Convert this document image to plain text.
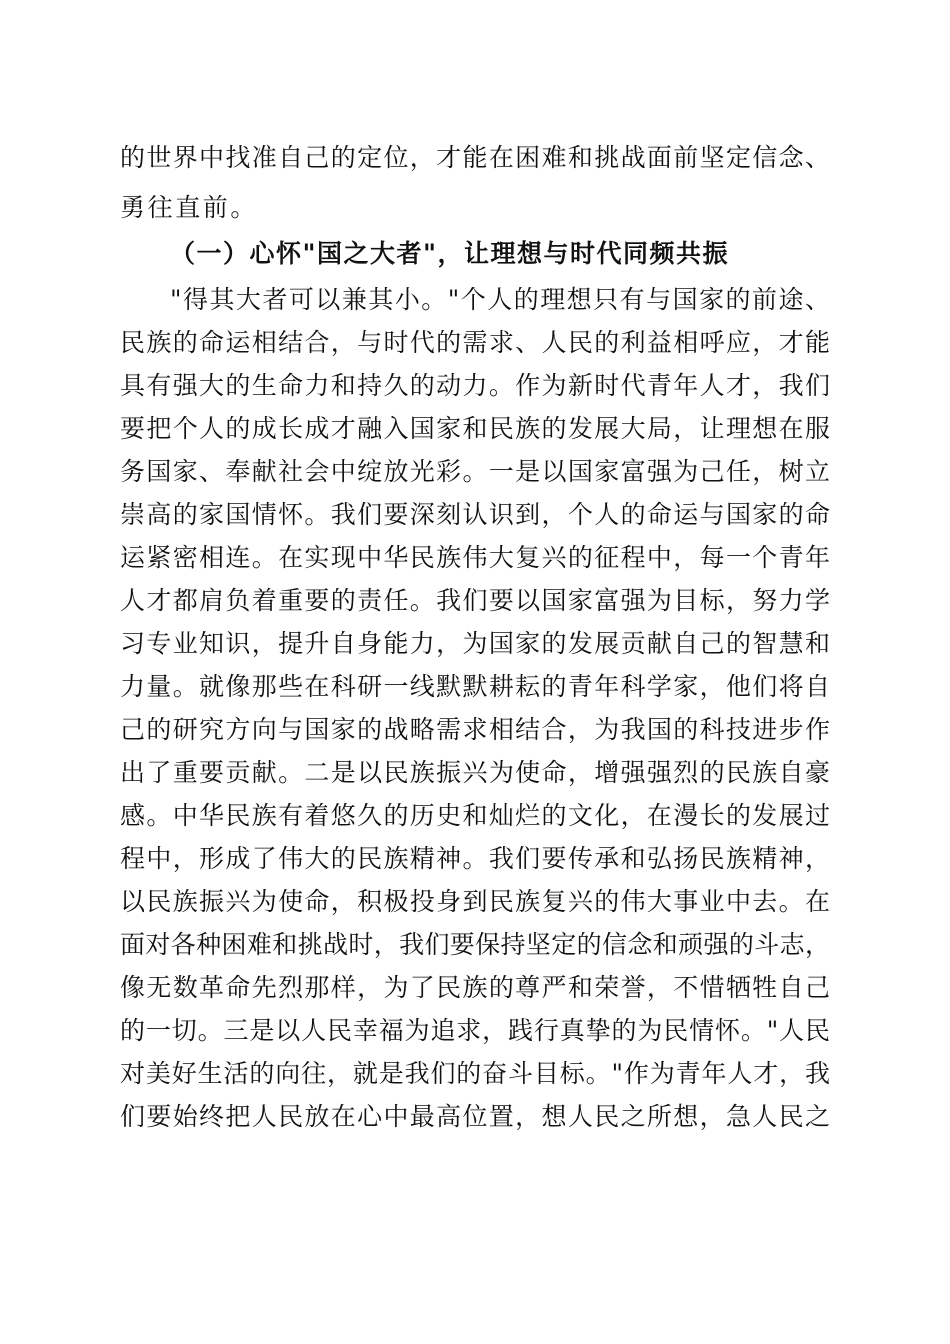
的世界中找准自己的定位，才能在困难和挑战面前坚定信念、
勇往直前。
（一）心怀"国之大者"，让理想与时代同频共振
"得其大者可以兼其小。"个人的理想只有与国家的前途、
民族的命运相结合，与时代的需求、人民的利益相呼应，才能
具有强大的生命力和持久的动力。作为新时代青年人才，我们
要把个人的成长成才融入国家和民族的发展大局，让理想在服
务国家、奉献社会中绽放光彩。一是以国家富强为己任，树立
崇高的家国情怀。我们要深刻认识到，个人的命运与国家的命
运紧密相连。在实现中华民族伟大复兴的征程中，每一个青年
人才都肩负着重要的责任。我们要以国家富强为目标，努力学
习专业知识，提升自身能力，为国家的发展贡献自己的智慧和
力量。就像那些在科研一线默默耕耘的青年科学家，他们将自
己的研究方向与国家的战略需求相结合，为我国的科技进步作
出了重要贡献。二是以民族振兴为使命，增强强烈的民族自豪
感。中华民族有着悠久的历史和灿烂的文化，在漫长的发展过
程中，形成了伟大的民族精神。我们要传承和弘扬民族精神，
以民族振兴为使命，积极投身到民族复兴的伟大事业中去。在
面对各种困难和挑战时，我们要保持坚定的信念和顽强的斗志，
像无数革命先烈那样，为了民族的尊严和荣誉，不惜牺牲自己
的一切。三是以人民幸福为追求，践行真挚的为民情怀。"人民
对美好生活的向往，就是我们的奋斗目标。"作为青年人才，我
们要始终把人民放在心中最高位置，想人民之所想，急人民之
